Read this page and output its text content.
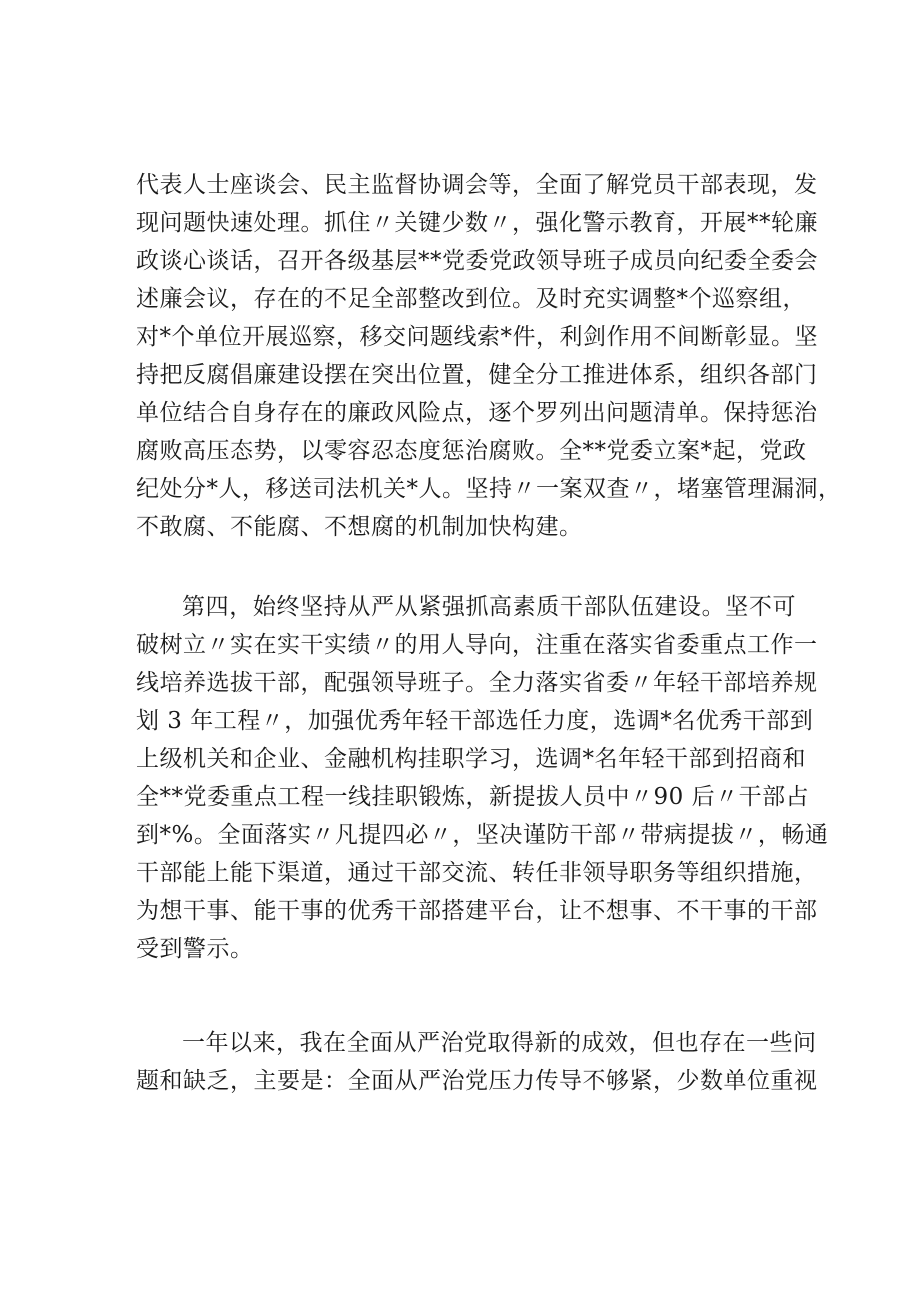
代表人士座谈会、民主监督协调会等，全面了解党员干部表现，发
现问题快速处理。抓住〃关键少数〃，强化警示教育，开展**轮廉
政谈心谈话，召开各级基层**党委党政领导班子成员向纪委全委会
述廉会议，存在的不足全部整改到位。及时充实调整*个巡察组，
对*个单位开展巡察，移交问题线索*件，利剑作用不间断彰显。坚
持把反腐倡廉建设摆在突出位置，健全分工推进体系，组织各部门
单位结合自身存在的廉政风险点，逐个罗列出问题清单。保持惩治
腐败高压态势，以零容忍态度惩治腐败。全**党委立案*起，党政
纪处分*人，移送司法机关*人。坚持〃一案双查〃，堵塞管理漏洞，
不敢腐、不能腐、不想腐的机制加快构建。
第四，始终坚持从严从紧强抓高素质干部队伍建设。坚不可
破树立〃实在实干实绩〃的用人导向，注重在落实省委重点工作一
线培养选拔干部，配强领导班子。全力落实省委〃年轻干部培养规
划 3 年工程〃，加强优秀年轻干部选任力度，选调*名优秀干部到
上级机关和企业、金融机构挂职学习，选调*名年轻干部到招商和
全**党委重点工程一线挂职锻炼，新提拔人员中〃90 后〃干部占
到*%。全面落实〃凡提四必〃，坚决谨防干部〃带病提拔〃，畅通
干部能上能下渠道，通过干部交流、转任非领导职务等组织措施，
为想干事、能干事的优秀干部搭建平台，让不想事、不干事的干部
受到警示。
一年以来，我在全面从严治党取得新的成效，但也存在一些问
题和缺乏，主要是：全面从严治党压力传导不够紧，少数单位重视
